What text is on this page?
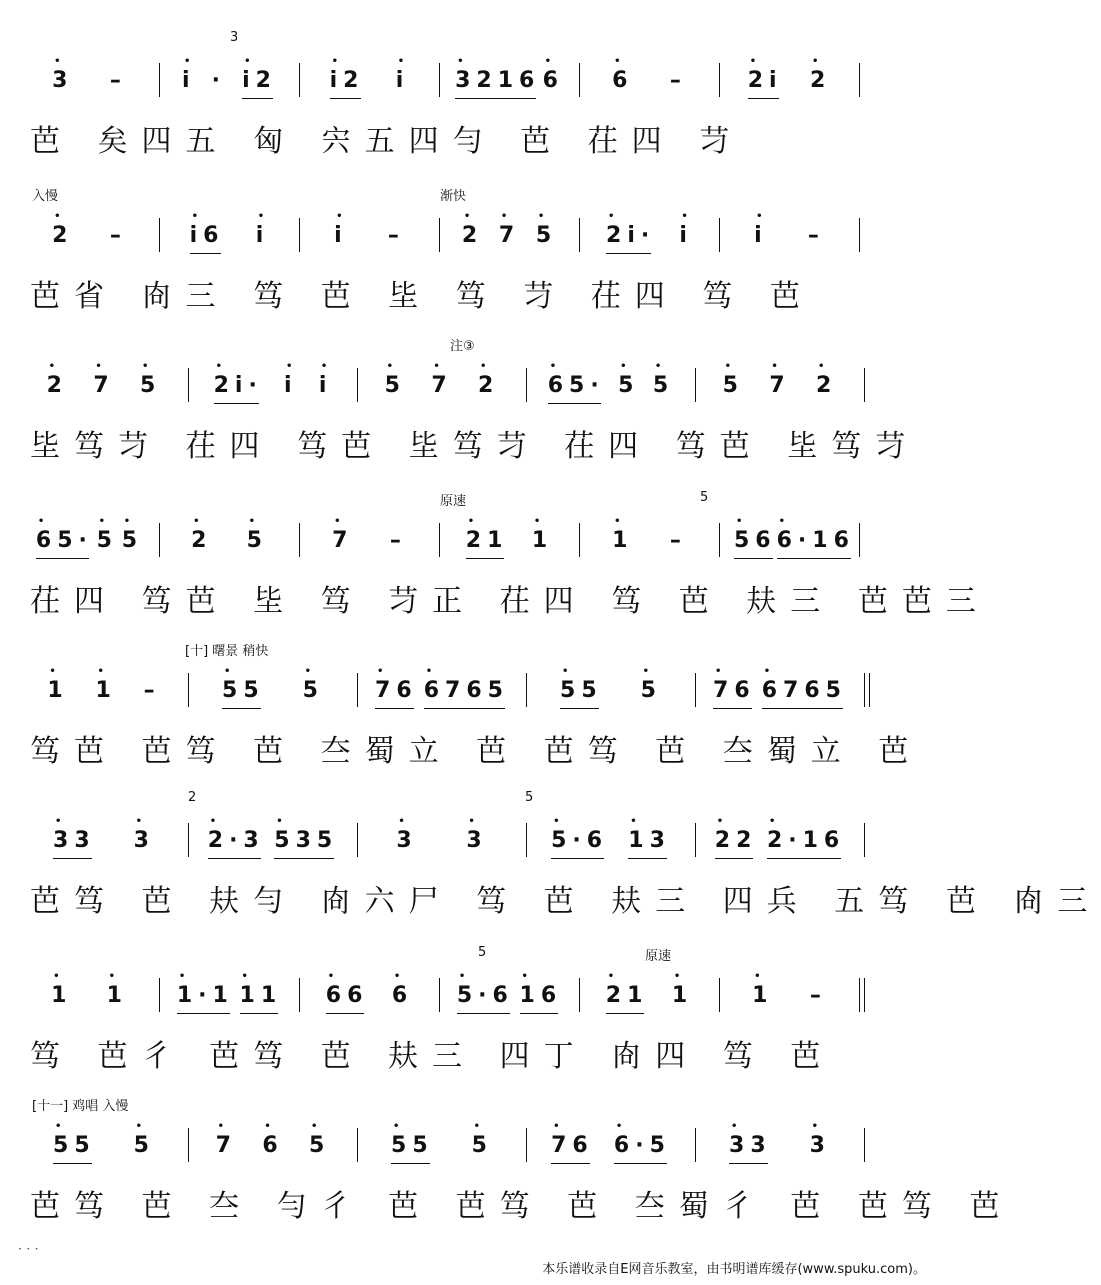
3
• 3 –	• i · • i2 • i2 • i • 3216 • 6 • 6 –	• 2i • 2
芭 矣四五 匈 宍五四勻 芭 茌四 䒒
入慢	渐快
• 2 –	• i6 • i	• i –	• 2 • 7 • 5 • 2i· • i	• i –
芭省 㕯三 笃 芭 坒 笃 䒒 茌四 笃 芭
注③
• 2 • 7 • 5 • 2i· • i • i • 5 • 7 • 2 • 65· • 5 • 5 • 5 • 7 • 2
坒笃䒒 茌四 笃芭 坒笃䒒 茌四 笃芭 坒笃䒒
原速	5
• 65· • 5 • 5 • 2 • 5	• 7 –	• 21 • 1	• 1 – • 56 • 6·16
茌四 笃芭 坒 笃 䒒正 茌四 笃 芭 㚘三 芭芭三
[十] 曙景 稍快
• 1 • 1 –	• 55 • 5 • 76 • 6765 • 55 • 5 • 76 • 6765
笃芭 芭笃 芭 夳蜀立 芭 芭笃 芭 夳蜀立 芭
2	5
• 33 • 3 • 2·3 • 535	• 3 • 3	• 5·6 • 13 • 22 • 2·16
芭笃 芭 㚘勻 㕯六尸 笃 芭 㚘三 四兵 五笃 芭 㕯三
5	原速
• 1 • 1 • 1·1 • 11 • 66 • 6 • 5·6 • 16 • 21 • 1	• 1 –
笃 芭彳 芭笃 芭 㚘三 四丁 㕯四 笃 芭
[十一] 鸡唱 入慢
• 55 • 5	• 7 • 6 • 5	• 55 • 5	• 76 • 6·5	• 33 • 3
芭笃 芭 夳 勻彳 芭 芭笃 芭 夳蜀彳 芭 芭笃 芭
· · ·
本乐谱收录自E网音乐教室，由书明谱库缓存(www.spuku.com)。
